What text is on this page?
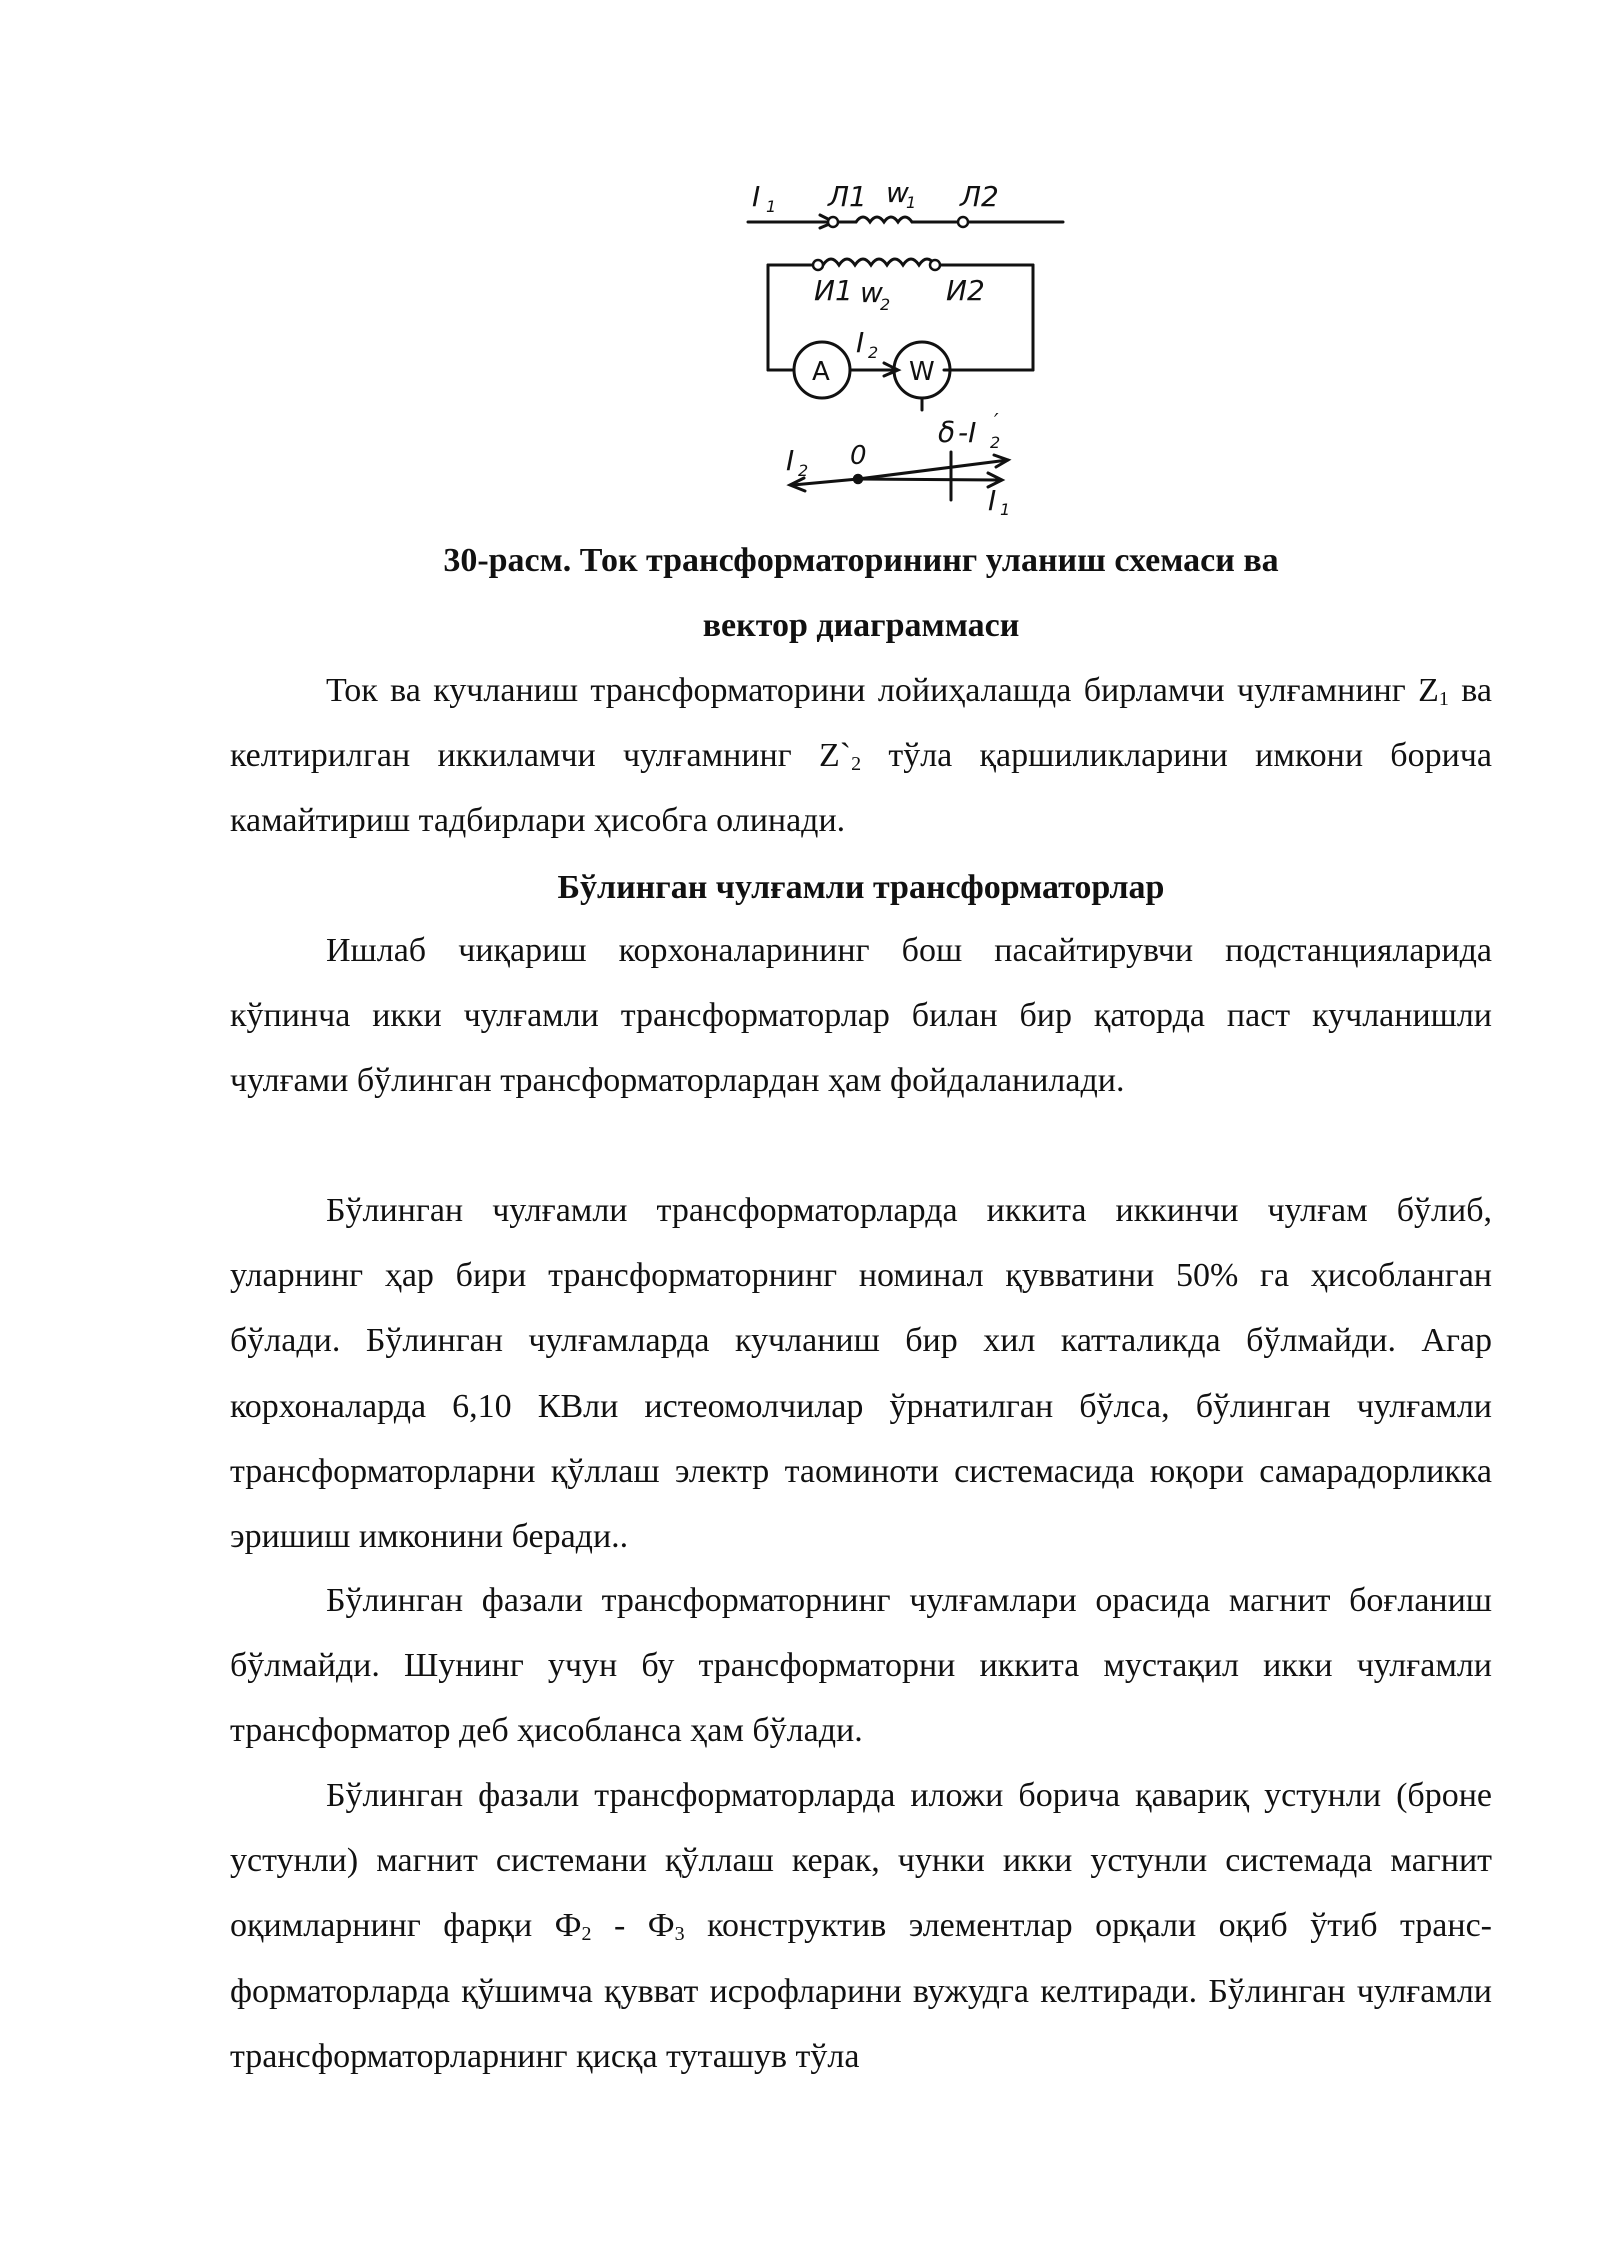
I 1 Л1 w
1 Л2
И1 w
2 И2
I 2
A	W
I 2 0
δ -I 2
′
I 1
30-расм. Ток трансформаторининг уланиш схемаси ва
вектор диаграммаси
Ток ва кучланиш трансформаторини лойиҳалашда бирламчи чулғамнинг $Z_1$ ва келтирилган иккиламчи чулғамнинг $Z`_2$ тўла қаршиликларини имкони борича камайтириш тадбирлари ҳисобга олинади.
Бўлинган чулғамли трансформаторлар
Ишлаб чиқариш корхоналарининг бош пасайтирувчи подстанцияларида кўпинча икки чулғамли трансформаторлар билан бир қаторда паст кучланишли чулғами бўлинган трансформаторлардан ҳам фойдаланилади.
Бўлинган чулғамли трансформаторларда иккита иккинчи чулғам бўлиб, уларнинг ҳар бири трансформаторнинг номинал қувватини 50% га ҳисобланган бўлади. Бўлинган чулғамларда кучланиш бир хил катталикда бўлмайди. Агар корхоналарда 6,10 КВли истеомолчилар ўрнатилган бўлса, бўлинган чулғамли трансформаторларни қўллаш электр таоминоти системасида юқори самарадорликка эришиш имконини беради..
Бўлинган фазали трансформаторнинг чулғамлари орасида магнит боғланиш бўлмайди. Шунинг учун бу трансформаторни иккита мустақил икки чулғамли трансформатор деб ҳисобланса ҳам бўлади.
Бўлинган фазали трансформаторларда иложи борича қавариқ устунли (броне устунли) магнит системани қўллаш керак, чунки икки устунли системада магнит оқимларнинг фарқи $Ф_2 - Ф_3$ конструктив элементлар орқали оқиб ўтиб транс-форматорларда қўшимча қувват исрофларини вужудга келтиради. Бўлинган чулғамли трансформаторларнинг қисқа туташув тўла
